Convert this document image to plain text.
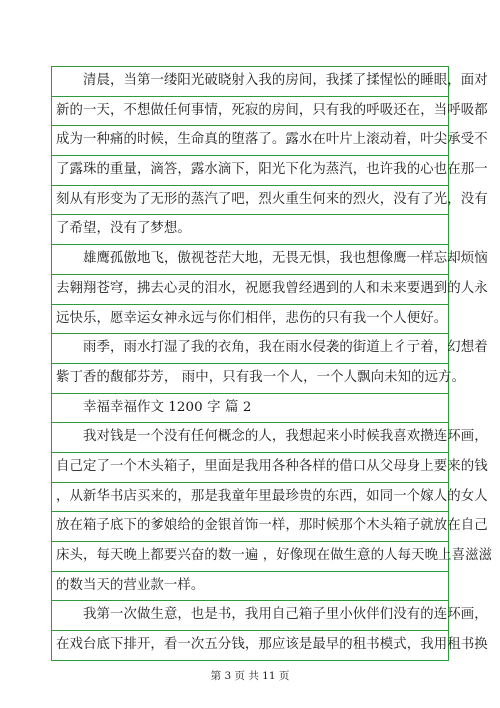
清晨，当第一缕阳光破晓射入我的房间，我揉了揉惺忪的睡眼，面对
新的一天，不想做任何事情，死寂的房间，只有我的呼吸还在，当呼吸都
成为一种痛的时候，生命真的堕落了。露水在叶片上滚动着，叶尖承受不
了露珠的重量，滴答，露水滴下，阳光下化为蒸汽，也许我的心也在那一
刻从有形变为了无形的蒸汽了吧，烈火重生何来的烈火，没有了光，没有
了希望，没有了梦想。
雄鹰孤傲地飞，傲视苍茫大地，无畏无惧，我也想像鹰一样忘却烦恼
去翱翔苍穹，拂去心灵的泪水，祝愿我曾经遇到的人和未来要遇到的人永
远快乐，愿幸运女神永远与你们相伴，悲伤的只有我一个人便好。
雨季，雨水打湿了我的衣角，我在雨水侵袭的街道上彳亍着，幻想着
紫丁香的馥郁芬芳， 雨中，只有我一个人，一个人飘向未知的远方。
幸福幸福作文 1200 字 篇 2
我对钱是一个没有任何概念的人，我想起来小时候我喜欢攒连环画，
自己定了一个木头箱子，里面是我用各种各样的借口从父母身上要来的钱
，从新华书店买来的，那是我童年里最珍贵的东西，如同一个嫁人的女人
放在箱子底下的爹娘给的金银首饰一样，那时候那个木头箱子就放在自己
床头，每天晚上都要兴奋的数一遍 ，好像现在做生意的人每天晚上喜滋滋
的数当天的营业款一样。
我第一次做生意，也是书，我用自己箱子里小伙伴们没有的连环画，
在戏台底下排开，看一次五分钱，那应该是最早的租书模式，我用租书换
第 3 页 共 11 页
